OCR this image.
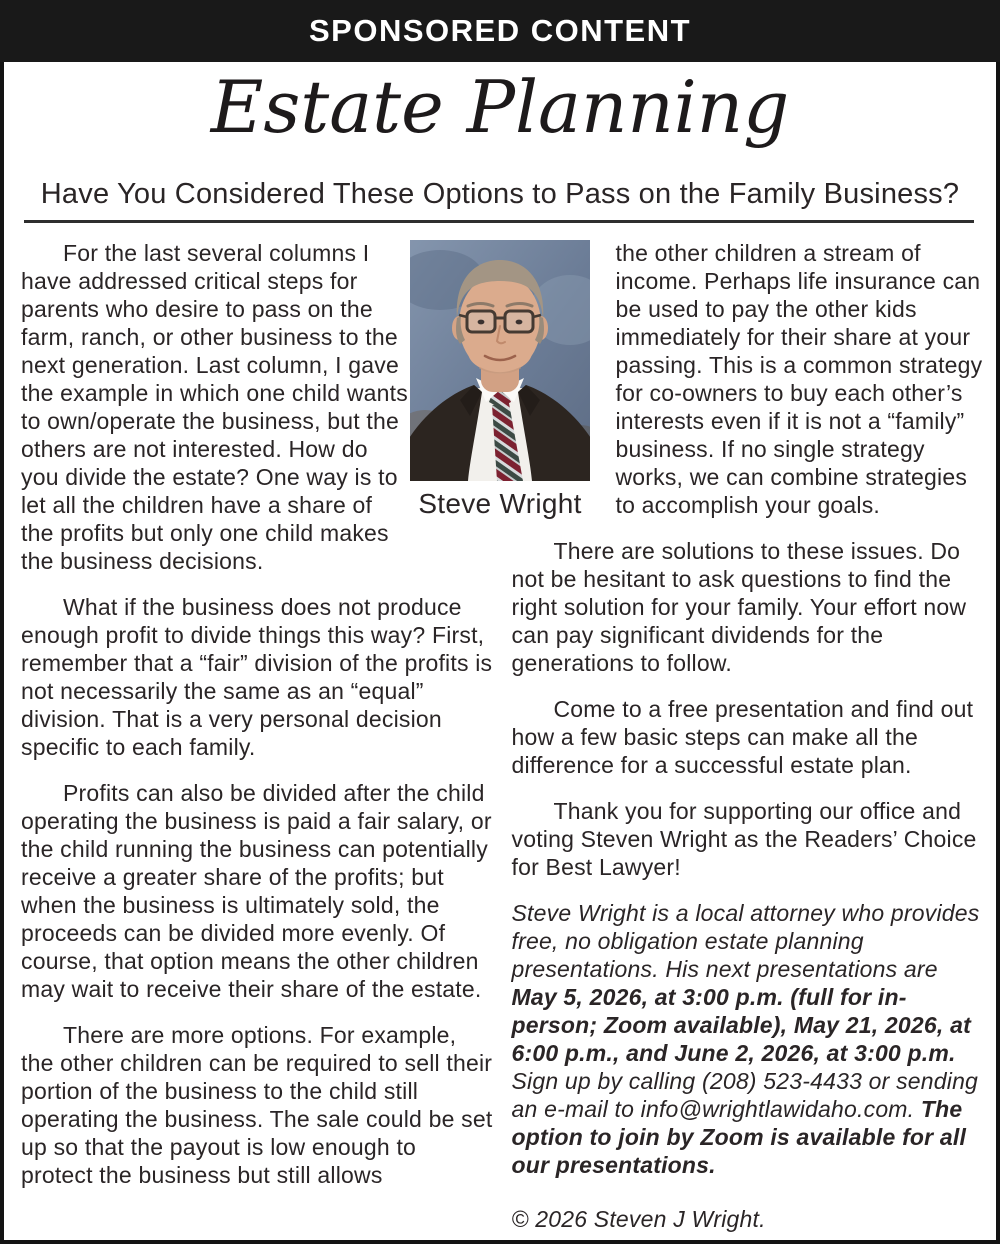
SPONSORED CONTENT
Estate Planning
Have You Considered These Options to Pass on the Family Business?

For the last several columns I have addressed critical steps for parents who desire to pass on the farm, ranch, or other business to the next generation. Last column, I gave the example in which one child wants to own/operate the business, but the others are not interested. How do you divide the estate? One way is to let all the children have a share of the profits but only one child makes the business decisions.

What if the business does not produce enough profit to divide things this way? First, remember that a “fair” division of the profits is not necessarily the same as an “equal” division. That is a very personal decision specific to each family.

Profits can also be divided after the child operating the business is paid a fair salary, or the child running the business can potentially receive a greater share of the profits; but when the business is ultimately sold, the proceeds can be divided more evenly. Of course, that option means the other children may wait to receive their share of the estate.

There are more options. For example, the other children can be required to sell their portion of the business to the child still operating the business. The sale could be set up so that the payout is low enough to protect the business but still allows

the other children a stream of income. Perhaps life insurance can be used to pay the other kids immediately for their share at your passing. This is a common strategy for co-owners to buy each other’s interests even if it is not a “family” business. If no single strategy works, we can combine strategies to accomplish your goals.

There are solutions to these issues. Do not be hesitant to ask questions to find the right solution for your family. Your effort now can pay significant dividends for the generations to follow.

Come to a free presentation and find out how a few basic steps can make all the difference for a successful estate plan.

Thank you for supporting our office and voting Steven Wright as the Readers’ Choice for Best Lawyer!

Steve Wright is a local attorney who provides free, no obligation estate planning presentations. His next presentations are May 5, 2026, at 3:00 p.m. (full for in-person; Zoom available), May 21, 2026, at 6:00 p.m., and June 2, 2026, at 3:00 p.m.

Sign up by calling (208) 523-4433 or sending an e-mail to info@wrightlawidaho.com. The option to join by Zoom is available for all our presentations.

© 2026 Steven J Wright.

Steve Wright
